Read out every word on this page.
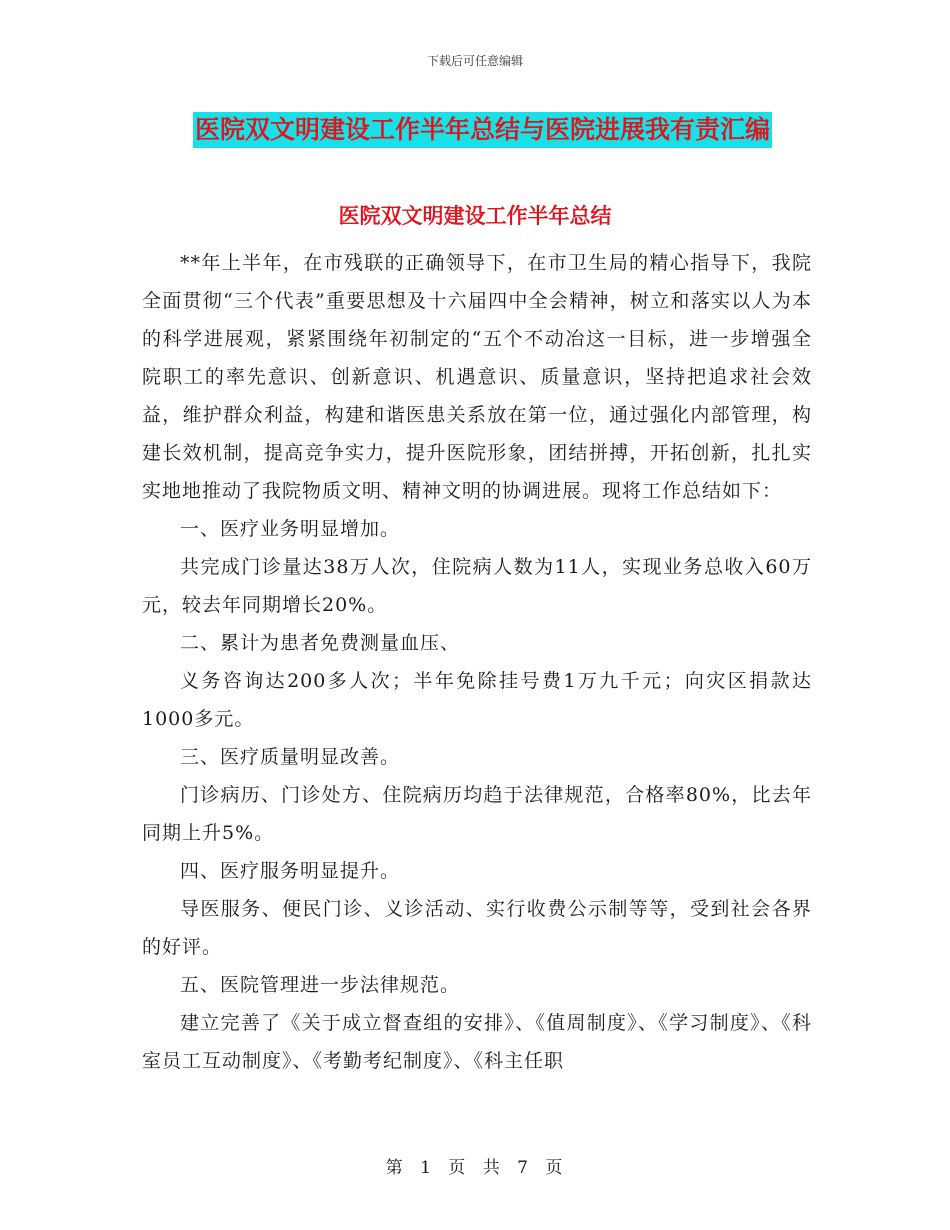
下载后可任意编辑
医院双文明建设工作半年总结与医院进展我有责汇编
医院双文明建设工作半年总结

**年上半年，在市残联的正确领导下，在市卫生局的精心指导下，我院全面贯彻“三个代表”重要思想及十六届四中全会精神，树立和落实以人为本的科学进展观，紧紧围绕年初制定的“五个不动冶这一目标，进一步增强全院职工的率先意识、创新意识、机遇意识、质量意识，坚持把追求社会效益，维护群众利益，构建和谐医患关系放在第一位，通过强化内部管理，构建长效机制，提高竞争实力，提升医院形象，团结拼搏，开拓创新，扎扎实实地地推动了我院物质文明、精神文明的协调进展。现将工作总结如下：

一、医疗业务明显增加。

共完成门诊量达38万人次，住院病人数为11人，实现业务总收入60万元，较去年同期增长20%。

二、累计为患者免费测量血压、

义务咨询达200多人次；半年免除挂号费1万九千元；向灾区捐款达1000多元。

三、医疗质量明显改善。

门诊病历、门诊处方、住院病历均趋于法律规范，合格率80%，比去年同期上升5%。

四、医疗服务明显提升。

导医服务、便民门诊、义诊活动、实行收费公示制等等，受到社会各界的好评。

五、医院管理进一步法律规范。

建立完善了《关于成立督查组的安排》、《值周制度》、《学习制度》、《科室员工互动制度》、《考勤考纪制度》、《科主任职

第 1 页 共 7 页
